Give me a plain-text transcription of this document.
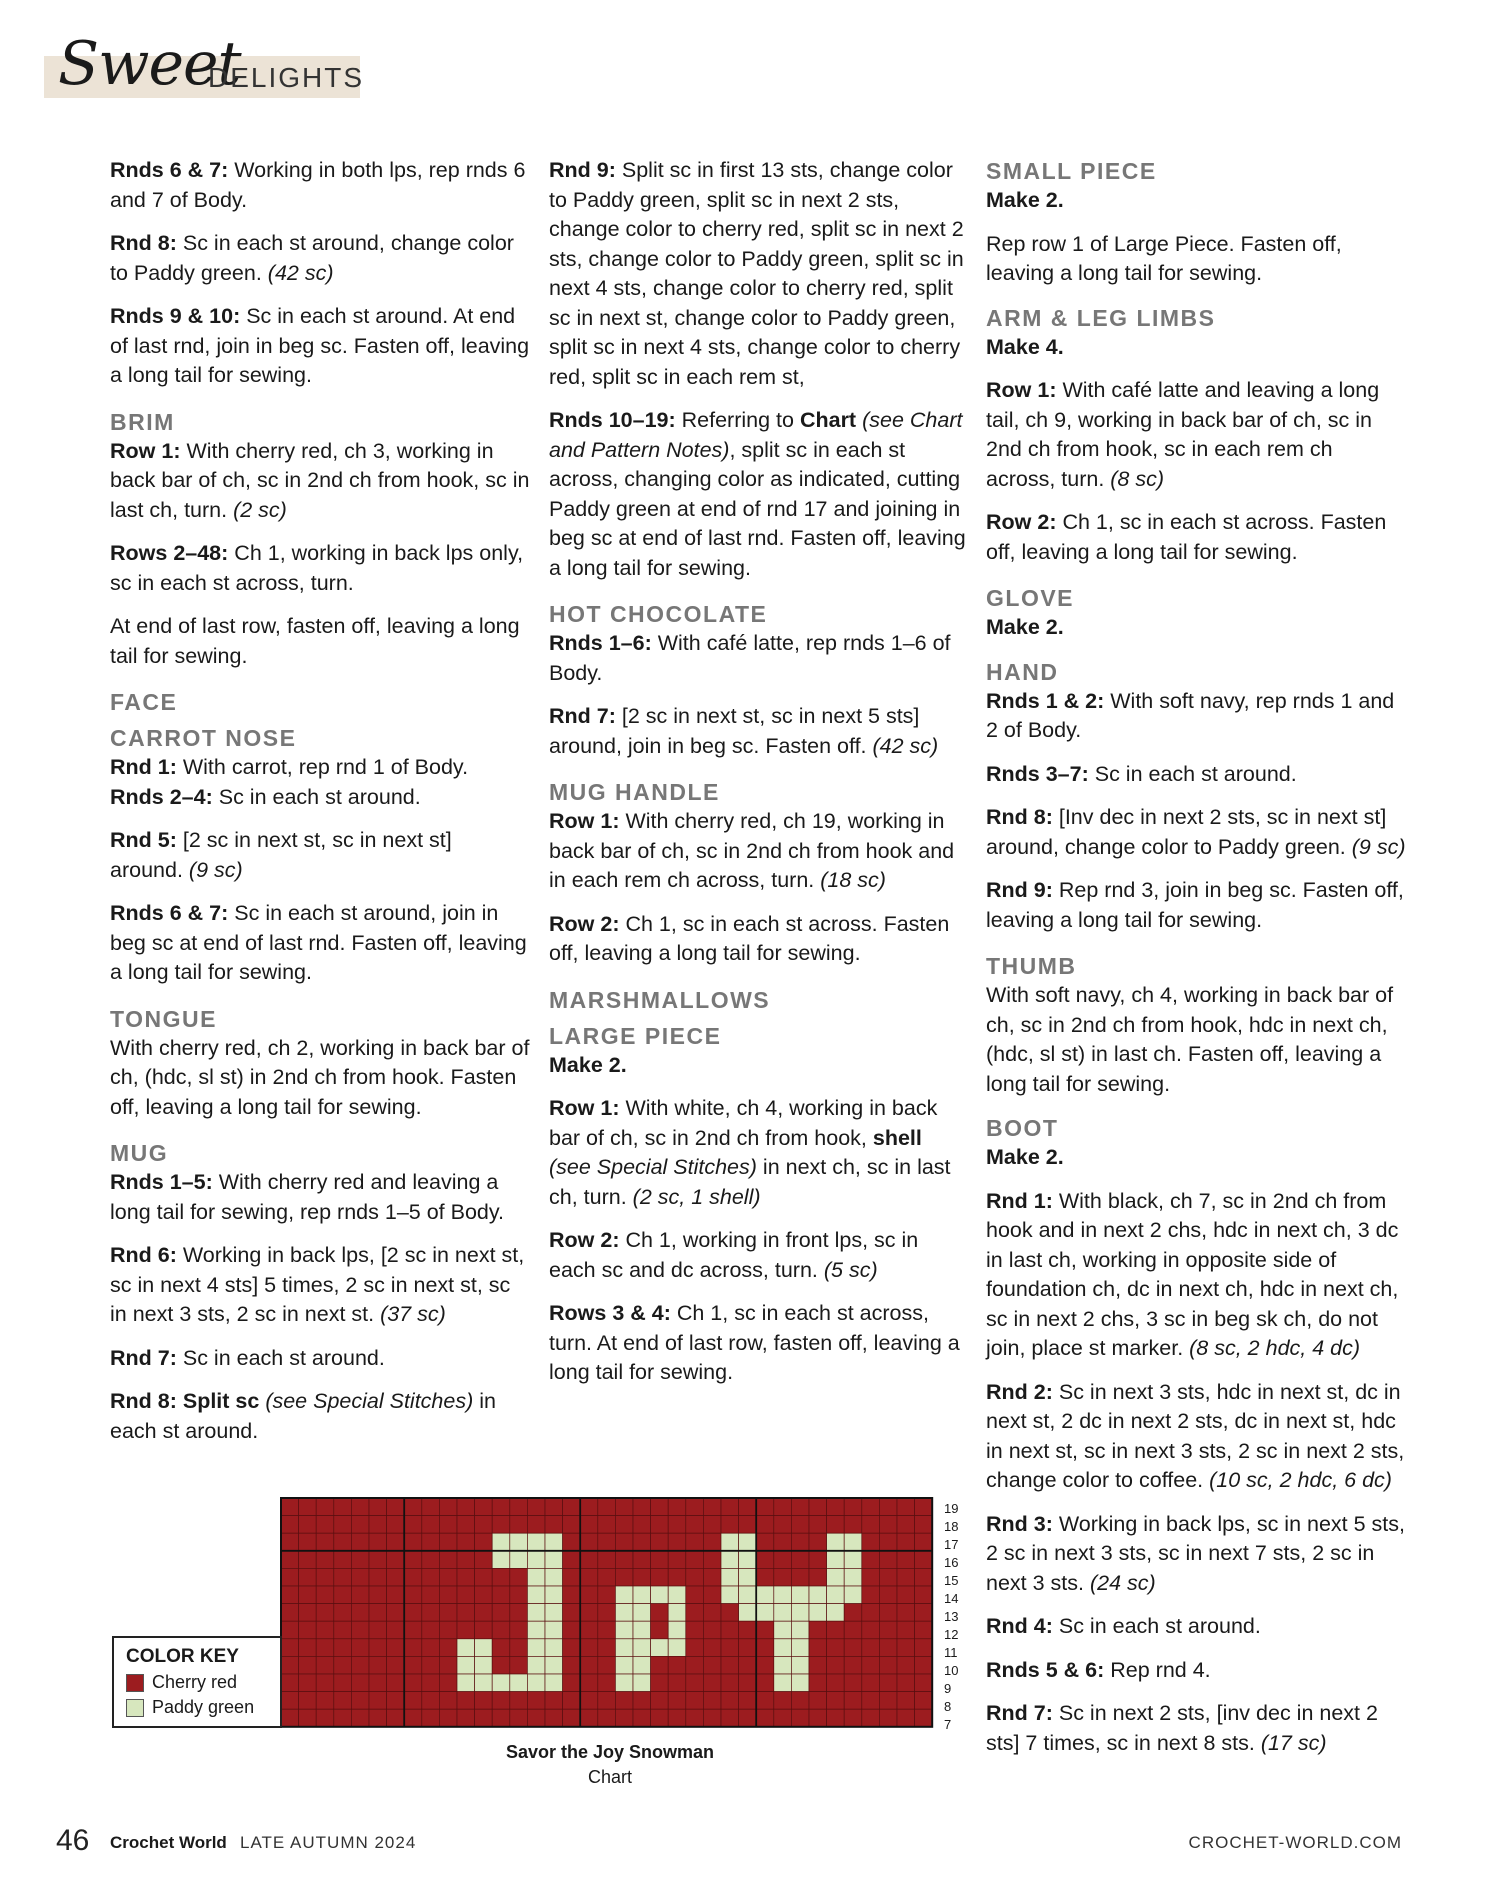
Sweet
DELIGHTS

Rnds 6 & 7: Working in both lps, rep rnds 6 and 7 of Body.

Rnd 8: Sc in each st around, change color to Paddy green. (42 sc)

Rnds 9 & 10: Sc in each st around. At end of last rnd, join in beg sc. Fasten off, leaving a long tail for sewing.

BRIM

Row 1: With cherry red, ch 3, working in back bar of ch, sc in 2nd ch from hook, sc in last ch, turn. (2 sc)

Rows 2–48: Ch 1, working in back lps only, sc in each st across, turn.

At end of last row, fasten off, leaving a long tail for sewing.

FACE
CARROT NOSE

Rnd 1: With carrot, rep rnd 1 of Body.

Rnds 2–4: Sc in each st around.

Rnd 5: [2 sc in next st, sc in next st] around. (9 sc)

Rnds 6 & 7: Sc in each st around, join in beg sc at end of last rnd. Fasten off, leaving a long tail for sewing.

TONGUE

With cherry red, ch 2, working in back bar of ch, (hdc, sl st) in 2nd ch from hook. Fasten off, leaving a long tail for sewing.

MUG

Rnds 1–5: With cherry red and leaving a long tail for sewing, rep rnds 1–5 of Body.

Rnd 6: Working in back lps, [2 sc in next st, sc in next 4 sts] 5 times, 2 sc in next st, sc in next 3 sts, 2 sc in next st. (37 sc)

Rnd 7: Sc in each st around.

Rnd 8: Split sc (see Special Stitches) in each st around.

Rnd 9: Split sc in first 13 sts, change color to Paddy green, split sc in next 2 sts, change color to cherry red, split sc in next 2 sts, change color to Paddy green, split sc in next 4 sts, change color to cherry red, split sc in next st, change color to Paddy green, split sc in next 4 sts, change color to cherry red, split sc in each rem st,

Rnds 10–19: Referring to Chart (see Chart and Pattern Notes), split sc in each st across, changing color as indicated, cutting Paddy green at end of rnd 17 and joining in beg sc at end of last rnd. Fasten off, leaving a long tail for sewing.

HOT CHOCOLATE

Rnds 1–6: With café latte, rep rnds 1–6 of Body.

Rnd 7: [2 sc in next st, sc in next 5 sts] around, join in beg sc. Fasten off. (42 sc)

MUG HANDLE

Row 1: With cherry red, ch 19, working in back bar of ch, sc in 2nd ch from hook and in each rem ch across, turn. (18 sc)

Row 2: Ch 1, sc in each st across. Fasten off, leaving a long tail for sewing.

MARSHMALLOWS
LARGE PIECE
Make 2.

Row 1: With white, ch 4, working in back bar of ch, sc in 2nd ch from hook, shell (see Special Stitches) in next ch, sc in last ch, turn. (2 sc, 1 shell)

Row 2: Ch 1, working in front lps, sc in each sc and dc across, turn. (5 sc)

Rows 3 & 4: Ch 1, sc in each st across, turn. At end of last row, fasten off, leaving a long tail for sewing.

SMALL PIECE
Make 2.

Rep row 1 of Large Piece. Fasten off, leaving a long tail for sewing.

ARM & LEG LIMBS
Make 4.

Row 1: With café latte and leaving a long tail, ch 9, working in back bar of ch, sc in 2nd ch from hook, sc in each rem ch across, turn. (8 sc)

Row 2: Ch 1, sc in each st across. Fasten off, leaving a long tail for sewing.

GLOVE
Make 2.
HAND

Rnds 1 & 2: With soft navy, rep rnds 1 and 2 of Body.

Rnds 3–7: Sc in each st around.

Rnd 8: [Inv dec in next 2 sts, sc in next st] around, change color to Paddy green. (9 sc)

Rnd 9: Rep rnd 3, join in beg sc. Fasten off, leaving a long tail for sewing.

THUMB

With soft navy, ch 4, working in back bar of ch, sc in 2nd ch from hook, hdc in next ch, (hdc, sl st) in last ch. Fasten off, leaving a long tail for sewing.

BOOT
Make 2.

Rnd 1: With black, ch 7, sc in 2nd ch from hook and in next 2 chs, hdc in next ch, 3 dc in last ch, working in opposite side of foundation ch, dc in next ch, hdc in next ch, sc in next 2 chs, 3 sc in beg sk ch, do not join, place st marker. (8 sc, 2 hdc, 4 dc)

Rnd 2: Sc in next 3 sts, hdc in next st, dc in next st, 2 dc in next 2 sts, dc in next st, hdc in next st, sc in next 3 sts, 2 sc in next 2 sts, change color to coffee. (10 sc, 2 hdc, 6 dc)

Rnd 3: Working in back lps, sc in next 5 sts, 2 sc in next 3 sts, sc in next 7 sts, 2 sc in next 3 sts. (24 sc)

Rnd 4: Sc in each st around.

Rnds 5 & 6: Rep rnd 4.

Rnd 7: Sc in next 2 sts, [inv dec in next 2 sts] 7 times, sc in next 8 sts. (17 sc)

19
18
17
16
15
14
13
12
11
10
9
8
7
COLOR KEY
Cherry red
Paddy green
Savor the Joy Snowman
Chart
46 Crochet World LATE AUTUMN 2024	CROCHET-WORLD.COM
